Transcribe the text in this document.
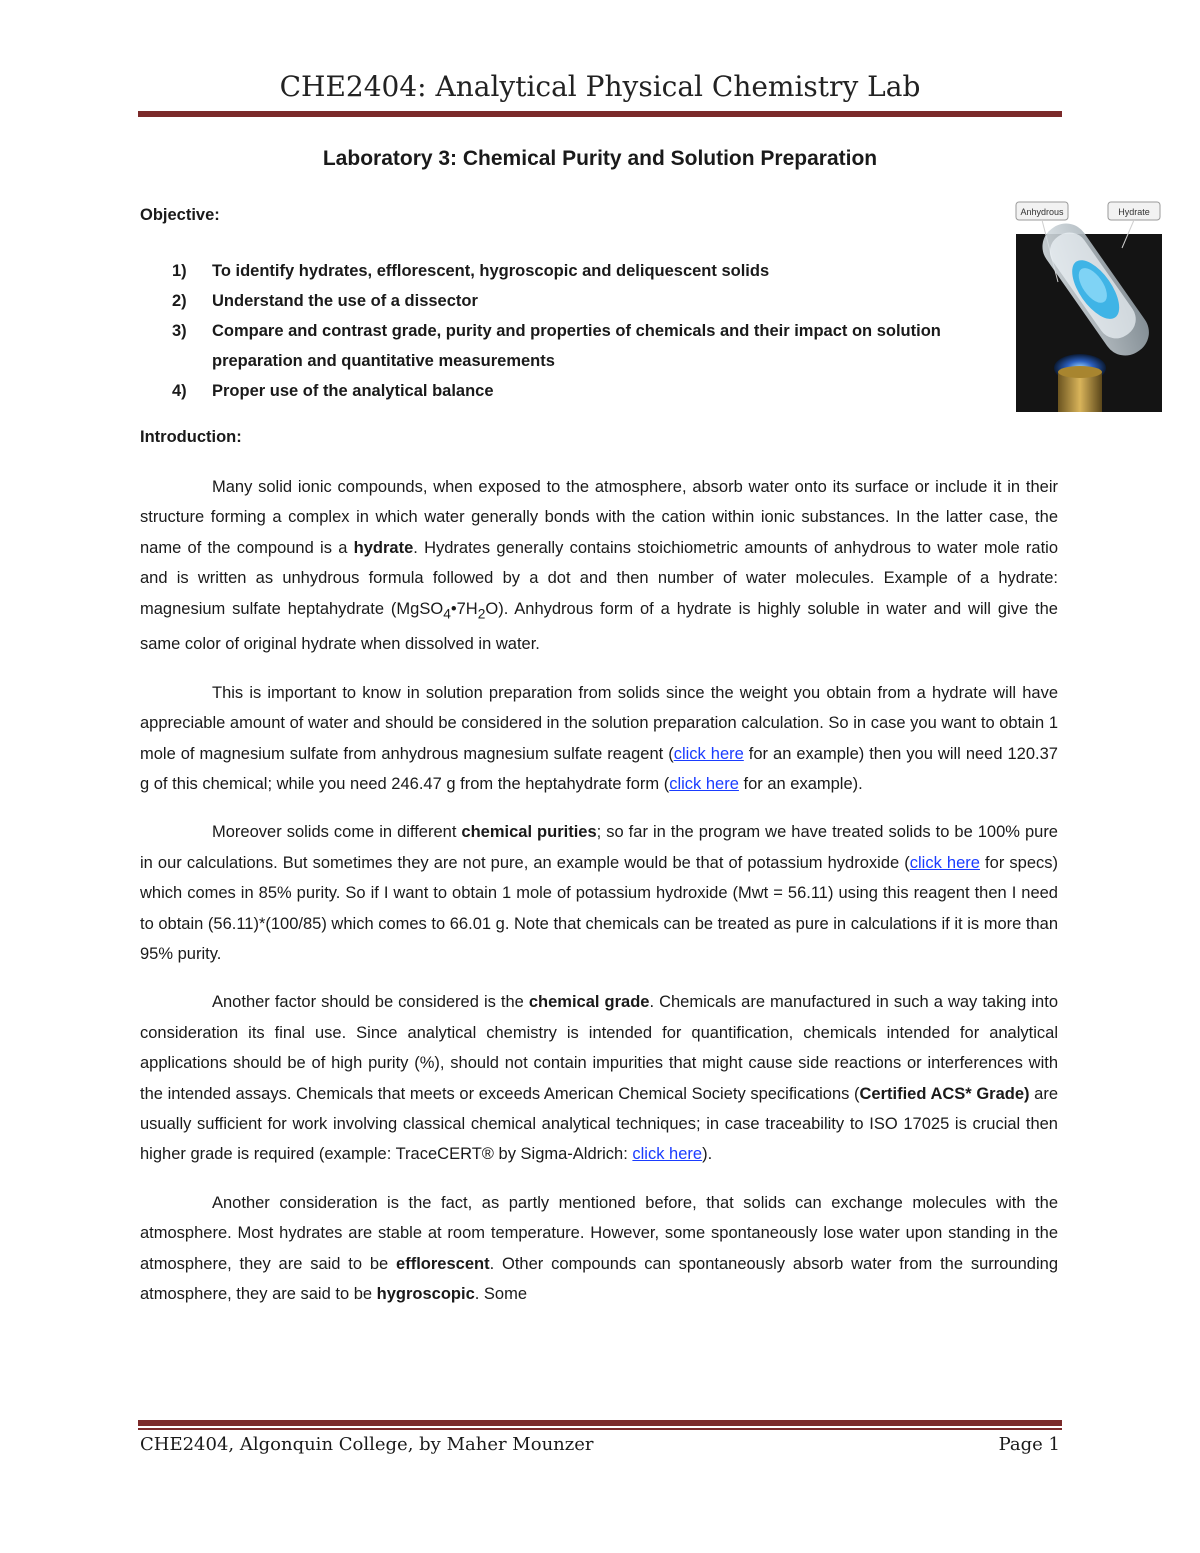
CHE2404: Analytical Physical Chemistry Lab
Laboratory 3: Chemical Purity and Solution Preparation
Objective:
1) To identify hydrates, efflorescent, hygroscopic and deliquescent solids
2) Understand the use of a dissector
3) Compare and contrast grade, purity and properties of chemicals and their impact on solution preparation and quantitative measurements
4) Proper use of the analytical balance
Anhydrous	Hydrate
Introduction:

Many solid ionic compounds, when exposed to the atmosphere, absorb water onto its surface or include it in their structure forming a complex in which water generally bonds with the cation within ionic substances. In the latter case, the name of the compound is a hydrate. Hydrates generally contains stoichiometric amounts of anhydrous to water mole ratio and is written as unhydrous formula followed by a dot and then number of water molecules. Example of a hydrate: magnesium sulfate heptahydrate $(MgSO_4•7H_2O)$. Anhydrous form of a hydrate is highly soluble in water and will give the same color of original hydrate when dissolved in water.

This is important to know in solution preparation from solids since the weight you obtain from a hydrate will have appreciable amount of water and should be considered in the solution preparation calculation. So in case you want to obtain 1 mole of magnesium sulfate from anhydrous magnesium sulfate reagent (click here for an example) then you will need 120.37 g of this chemical; while you need 246.47 g from the heptahydrate form (click here for an example).

Moreover solids come in different chemical purities; so far in the program we have treated solids to be 100% pure in our calculations. But sometimes they are not pure, an example would be that of potassium hydroxide (click here for specs) which comes in 85% purity. So if I want to obtain 1 mole of potassium hydroxide (Mwt = 56.11) using this reagent then I need to obtain (56.11)*(100/85) which comes to 66.01 g. Note that chemicals can be treated as pure in calculations if it is more than 95% purity.

Another factor should be considered is the chemical grade. Chemicals are manufactured in such a way taking into consideration its final use. Since analytical chemistry is intended for quantification, chemicals intended for analytical applications should be of high purity (%), should not contain impurities that might cause side reactions or interferences with the intended assays. Chemicals that meets or exceeds American Chemical Society specifications (Certified ACS* Grade) are usually sufficient for work involving classical chemical analytical techniques; in case traceability to ISO 17025 is crucial then higher grade is required (example: TraceCERT® by Sigma-Aldrich: click here).

Another consideration is the fact, as partly mentioned before, that solids can exchange molecules with the atmosphere. Most hydrates are stable at room temperature. However, some spontaneously lose water upon standing in the atmosphere, they are said to be efflorescent. Other compounds can spontaneously absorb water from the surrounding atmosphere, they are said to be hygroscopic. Some

CHE2404, Algonquin College, by Maher Mounzer	Page 1
